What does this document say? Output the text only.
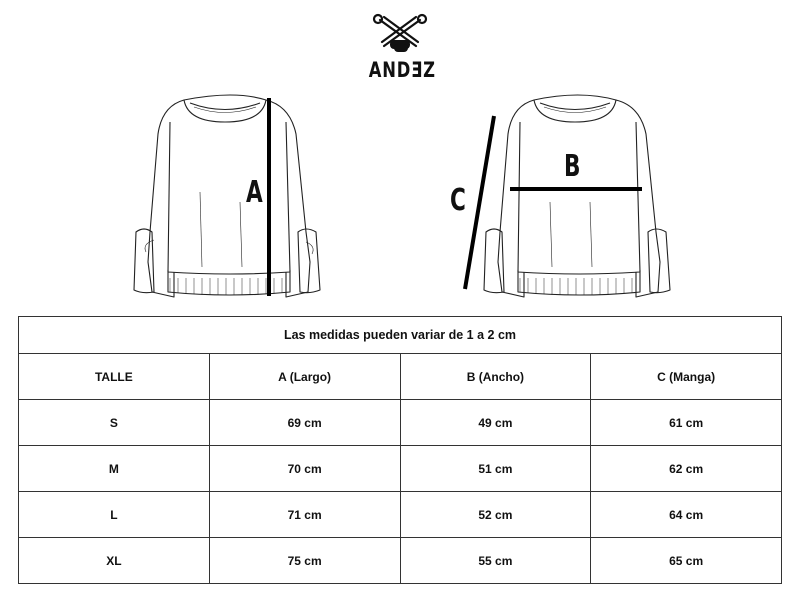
ANDƎZ
A
B
C
Las medidas pueden variar de 1 a 2 cm			
TALLE	A (Largo)	B (Ancho)	C (Manga)
S	69 cm	49 cm	61 cm
M	70 cm	51 cm	62 cm
L	71 cm	52 cm	64 cm
XL	75 cm	55 cm	65 cm
